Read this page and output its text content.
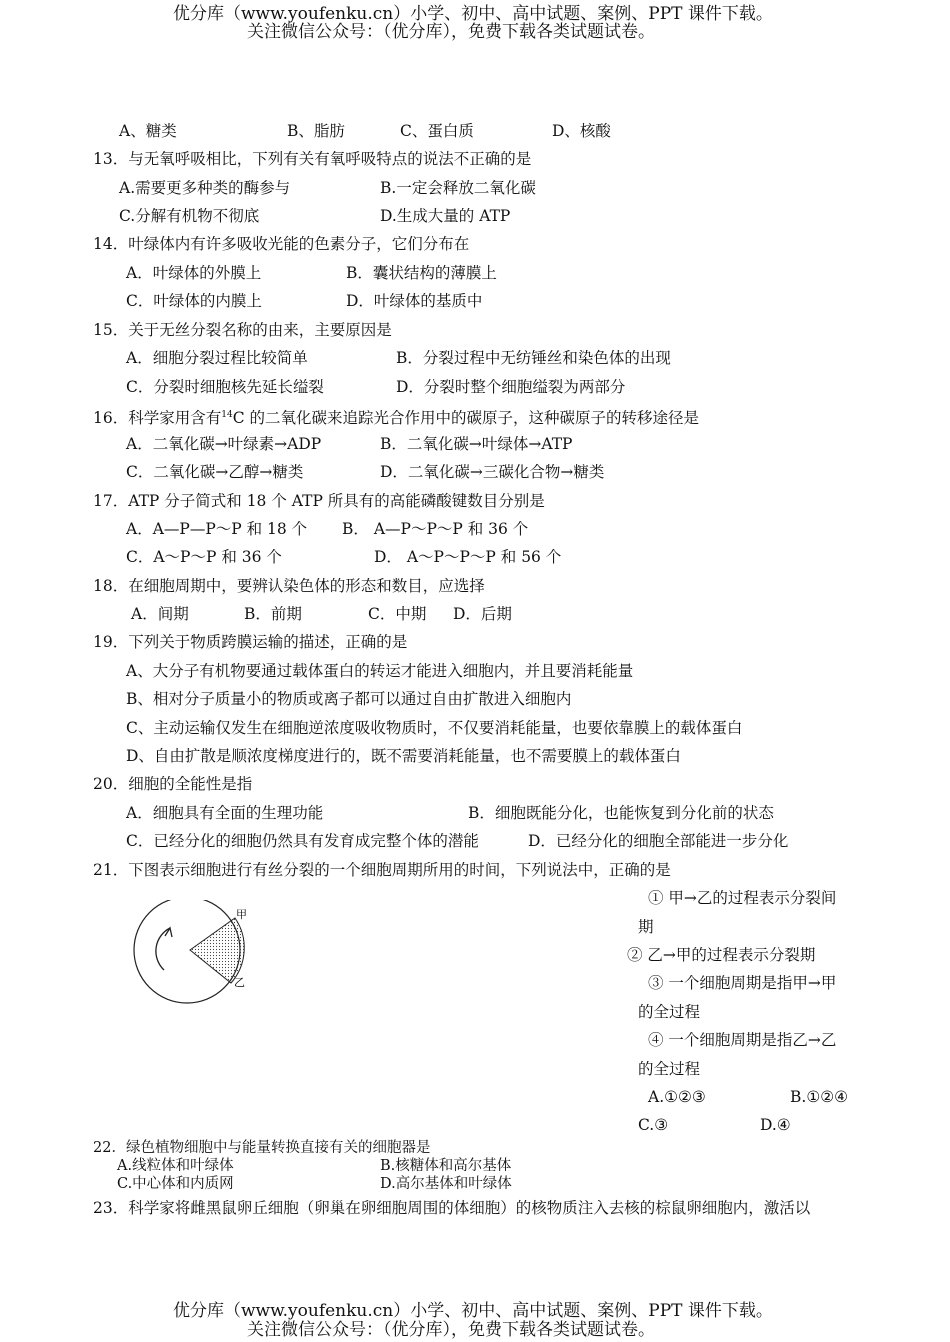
优分库（www.youfenku.cn）小学、初中、高中试题、案例、PPT 课件下载。
关注微信公众号：（优分库），免费下载各类试题试卷。
A、糖类	B、脂肪	C、蛋白质	D、核酸
13．与无氧呼吸相比，下列有关有氧呼吸特点的说法不正确的是
A.需要更多种类的酶参与	B.一定会释放二氧化碳
C.分解有机物不彻底	D.生成大量的 ATP
14．叶绿体内有许多吸收光能的色素分子，它们分布在
A．叶绿体的外膜上	B．囊状结构的薄膜上
C．叶绿体的内膜上	D．叶绿体的基质中
15．关于无丝分裂名称的由来，主要原因是
A．细胞分裂过程比较简单	B．分裂过程中无纺锤丝和染色体的出现
C．分裂时细胞核先延长缢裂	D．分裂时整个细胞缢裂为两部分
16．科学家用含有$^{14}$C 的二氧化碳来追踪光合作用中的碳原子，这种碳原子的转移途径是
A．二氧化碳→叶绿素→ADP	B．二氧化碳→叶绿体→ATP
C．二氧化碳→乙醇→糖类	D．二氧化碳→三碳化合物→糖类
17．ATP 分子简式和 18 个 ATP 所具有的高能磷酸键数目分别是
A．A—P—P～P 和 18 个 B． A—P～P～P 和 36 个
C．A～P～P 和 36 个	D． A～P～P～P 和 56 个
18．在细胞周期中，要辨认染色体的形态和数目，应选择
A．间期	B．前期	C．中期 D．后期
19．下列关于物质跨膜运输的描述，正确的是
A、大分子有机物要通过载体蛋白的转运才能进入细胞内，并且要消耗能量
B、相对分子质量小的物质或离子都可以通过自由扩散进入细胞内
C、主动运输仅发生在细胞逆浓度吸收物质时，不仅要消耗能量，也要依靠膜上的载体蛋白
D、自由扩散是顺浓度梯度进行的，既不需要消耗能量，也不需要膜上的载体蛋白
20．细胞的全能性是指
A．细胞具有全面的生理功能	B．细胞既能分化，也能恢复到分化前的状态
C．已经分化的细胞仍然具有发育成完整个体的潜能	D．已经分化的细胞全部能进一步分化
21．下图表示细胞进行有丝分裂的一个细胞周期所用的时间，下列说法中，正确的是
甲
乙
① 甲→乙的过程表示分裂间
期
② 乙→甲的过程表示分裂期
③ 一个细胞周期是指甲→甲
的全过程
④ 一个细胞周期是指乙→乙
的全过程
A.①②③	B.①②④
C.③	D.④
22．绿色植物细胞中与能量转换直接有关的细胞器是
A.线粒体和叶绿体	B.核糖体和高尔基体
C.中心体和内质网	D.高尔基体和叶绿体
23．科学家将雌黑鼠卵丘细胞（卵巢在卵细胞周围的体细胞）的核物质注入去核的棕鼠卵细胞内，激活以
优分库（www.youfenku.cn）小学、初中、高中试题、案例、PPT 课件下载。
关注微信公众号：（优分库），免费下载各类试题试卷。
